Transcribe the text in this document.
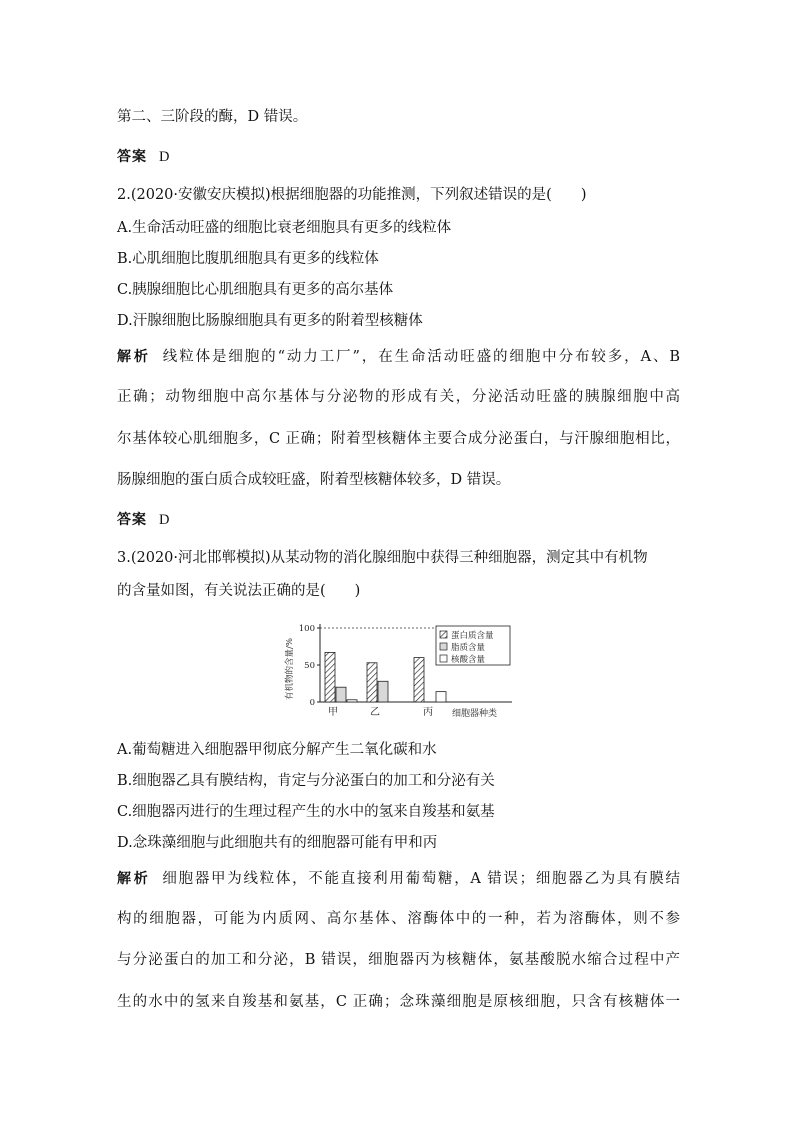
第二、三阶段的酶，D 错误。
答案 D
2.(2020·安徽安庆模拟)根据细胞器的功能推测，下列叙述错误的是(　　)
A.生命活动旺盛的细胞比衰老细胞具有更多的线粒体
B.心肌细胞比腹肌细胞具有更多的线粒体
C.胰腺细胞比心肌细胞具有更多的高尔基体
D.汗腺细胞比肠腺细胞具有更多的附着型核糖体
解析 线粒体是细胞的“动力工厂”，在生命活动旺盛的细胞中分布较多，A、B
正确；动物细胞中高尔基体与分泌物的形成有关，分泌活动旺盛的胰腺细胞中高
尔基体较心肌细胞多，C 正确；附着型核糖体主要合成分泌蛋白，与汗腺细胞相比，
肠腺细胞的蛋白质合成较旺盛，附着型核糖体较多，D 错误。
答案 D
3.(2020·河北邯郸模拟)从某动物的消化腺细胞中获得三种细胞器，测定其中有机物
的含量如图，有关说法正确的是(　　)
0
50
100
有机物的含量/%
甲	乙	丙 细胞器种类
蛋白质含量
脂质含量
核酸含量
A.葡萄糖进入细胞器甲彻底分解产生二氧化碳和水
B.细胞器乙具有膜结构，肯定与分泌蛋白的加工和分泌有关
C.细胞器丙进行的生理过程产生的水中的氢来自羧基和氨基
D.念珠藻细胞与此细胞共有的细胞器可能有甲和丙
解析 细胞器甲为线粒体，不能直接利用葡萄糖，A 错误；细胞器乙为具有膜结
构的细胞器，可能为内质网、高尔基体、溶酶体中的一种，若为溶酶体，则不参
与分泌蛋白的加工和分泌，B 错误，细胞器丙为核糖体，氨基酸脱水缩合过程中产
生的水中的氢来自羧基和氨基，C 正确；念珠藻细胞是原核细胞，只含有核糖体一
